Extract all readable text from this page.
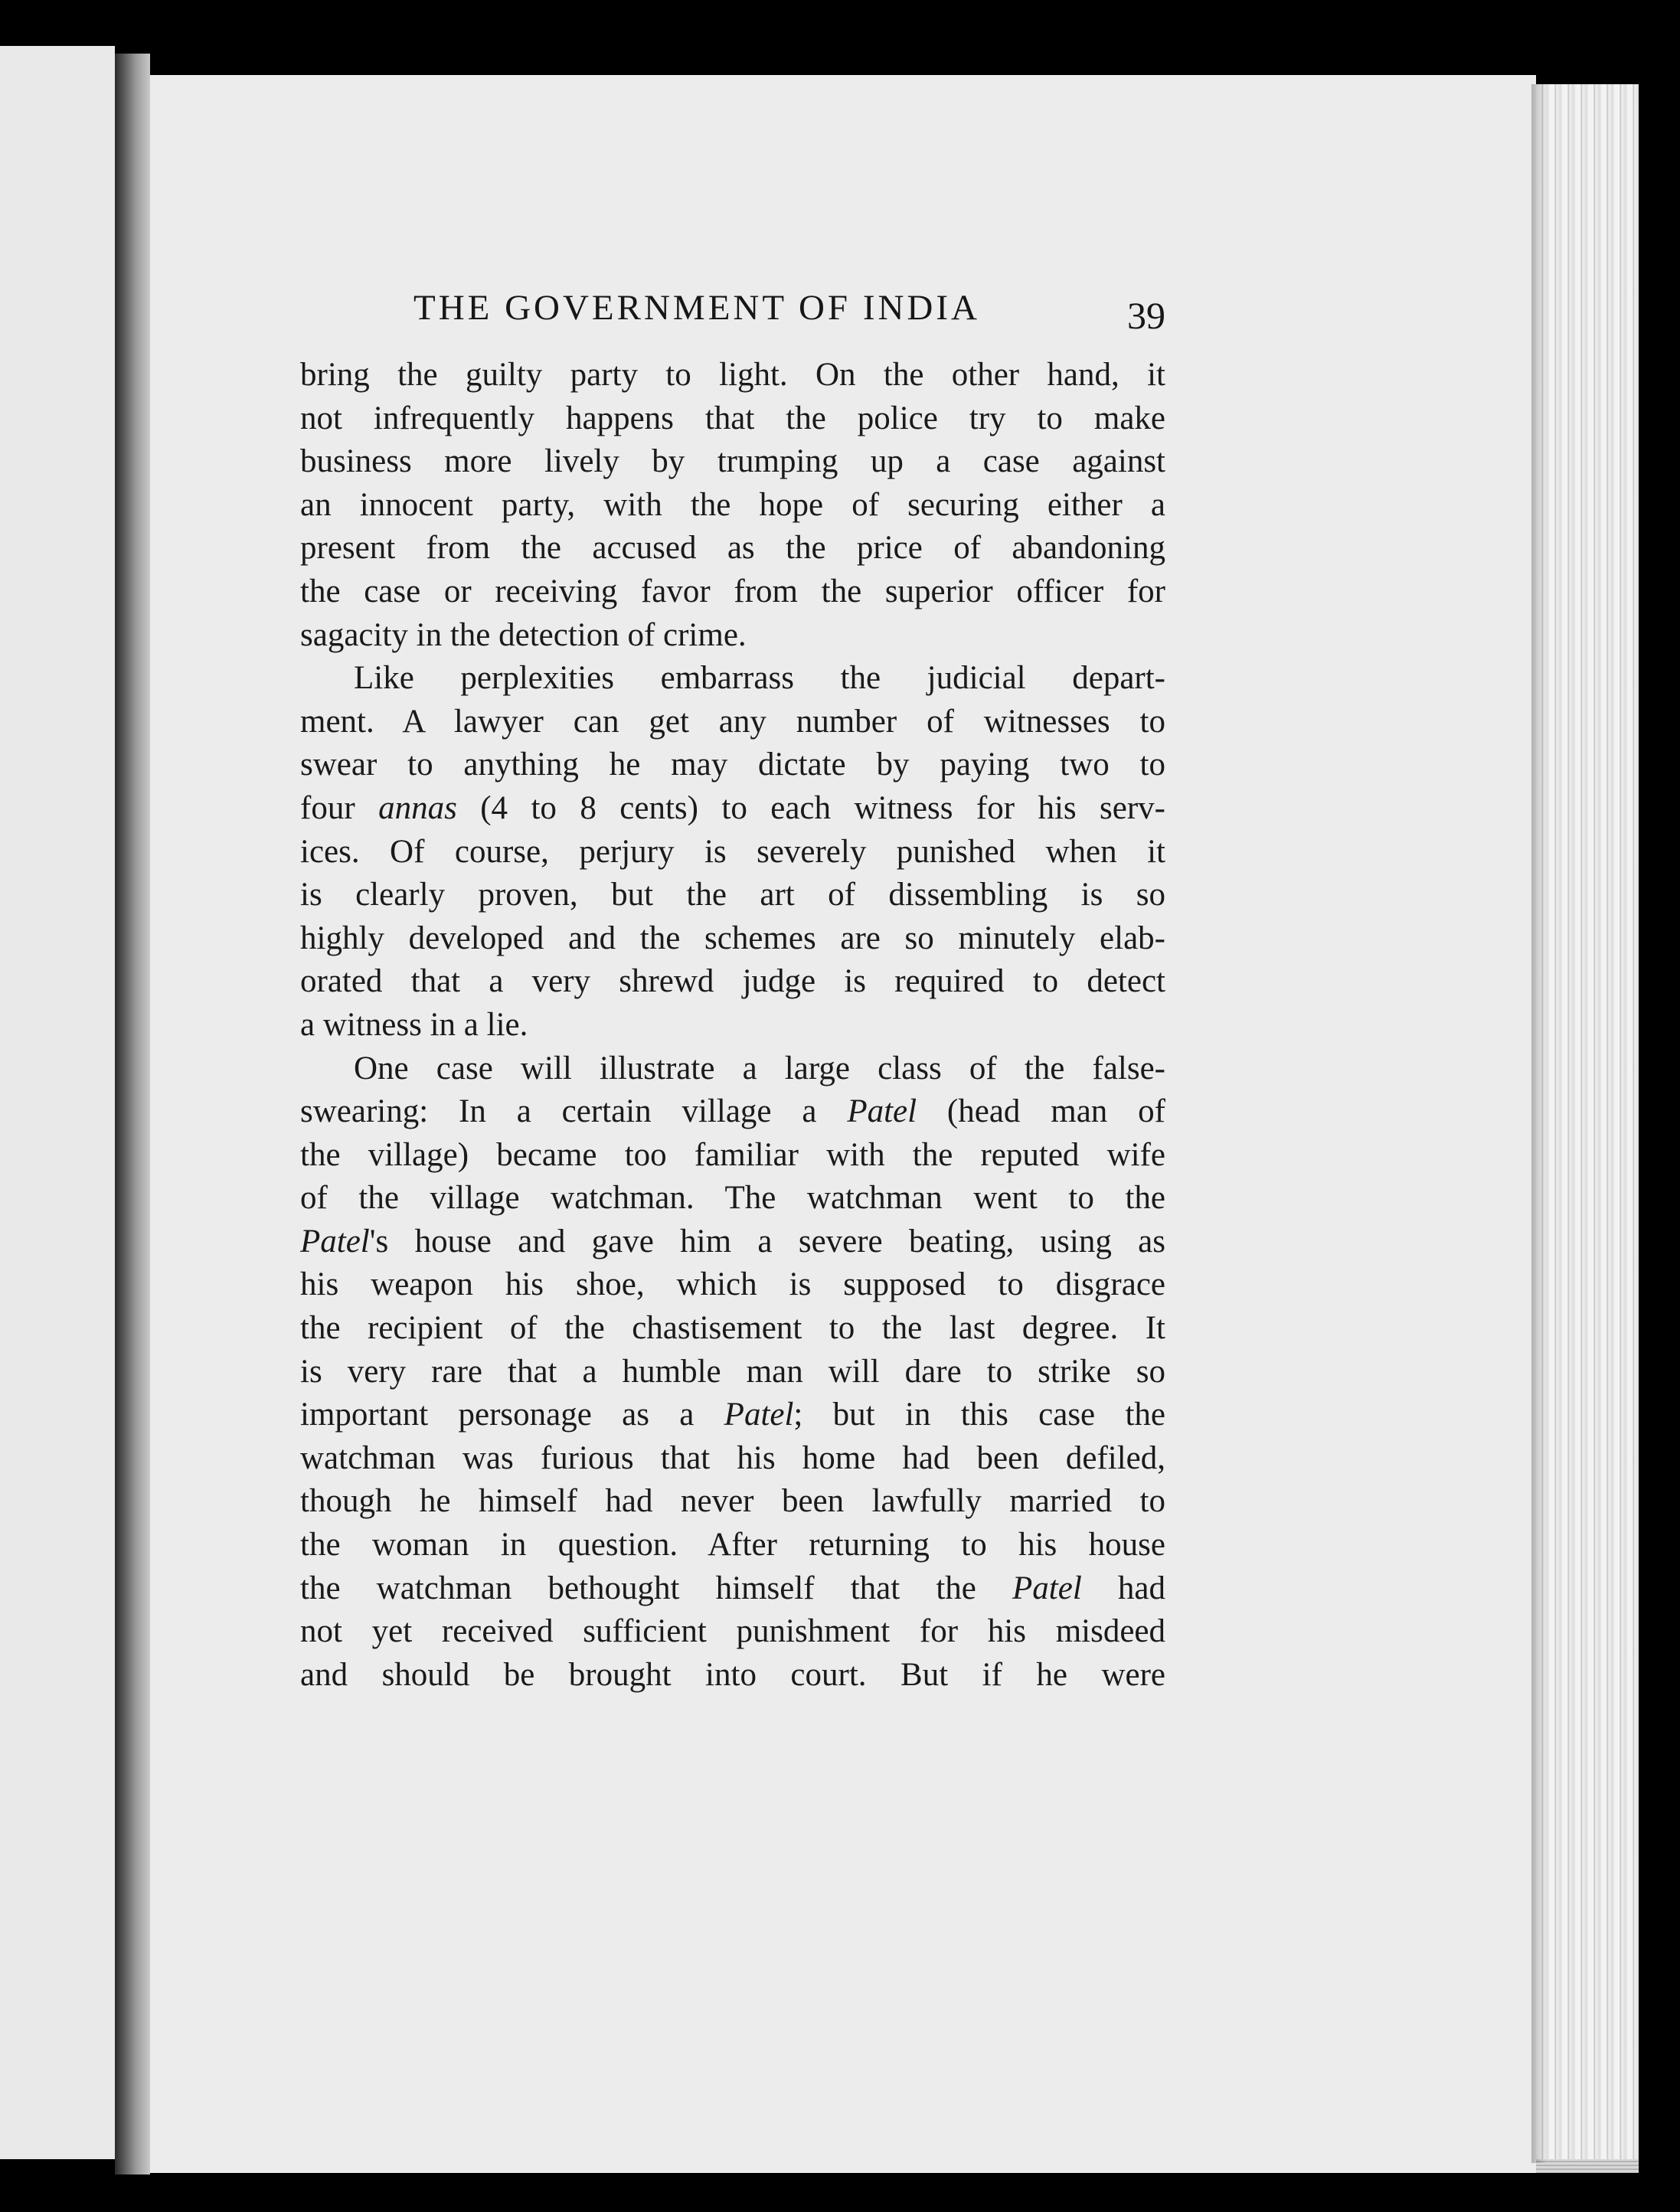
THE GOVERNMENT OF INDIA	39
bring the guilty party to light. On the other hand, it
not infrequently happens that the police try to make
business more lively by trumping up a case against
an innocent party, with the hope of securing either a
present from the accused as the price of abandoning
the case or receiving favor from the superior officer for
sagacity in the detection of crime.
Like perplexities embarrass the judicial depart-
ment. A lawyer can get any number of witnesses to
swear to anything he may dictate by paying two to
four annas (4 to 8 cents) to each witness for his serv-
ices. Of course, perjury is severely punished when it
is clearly proven, but the art of dissembling is so
highly developed and the schemes are so minutely elab-
orated that a very shrewd judge is required to detect
a witness in a lie.
One case will illustrate a large class of the false-
swearing: In a certain village a Patel (head man of
the village) became too familiar with the reputed wife
of the village watchman. The watchman went to the
Patel's house and gave him a severe beating, using as
his weapon his shoe, which is supposed to disgrace
the recipient of the chastisement to the last degree. It
is very rare that a humble man will dare to strike so
important personage as a Patel; but in this case the
watchman was furious that his home had been defiled,
though he himself had never been lawfully married to
the woman in question. After returning to his house
the watchman bethought himself that the Patel had
not yet received sufficient punishment for his misdeed
and should be brought into court. But if he were
